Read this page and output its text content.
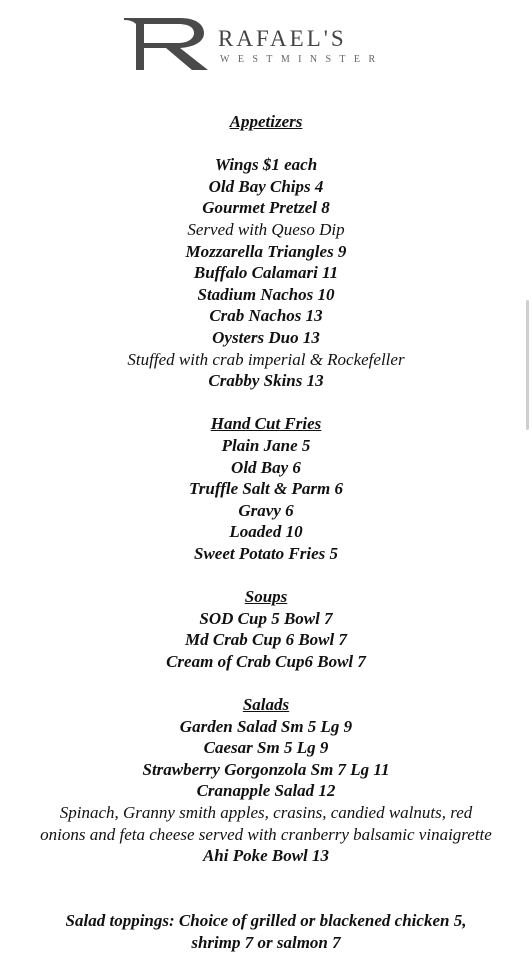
RAFAEL'S
WESTMINSTER
Appetizers
Wings $1 each
Old Bay Chips 4
Gourmet Pretzel 8
Served with Queso Dip
Mozzarella Triangles 9
Buffalo Calamari 11
Stadium Nachos 10
Crab Nachos 13
Oysters Duo 13
Stuffed with crab imperial & Rockefeller
Crabby Skins 13
Hand Cut Fries
Plain Jane 5
Old Bay 6
Truffle Salt & Parm 6
Gravy 6
Loaded 10
Sweet Potato Fries 5
Soups
SOD Cup 5 Bowl 7
Md Crab Cup 6 Bowl 7
Cream of Crab Cup6 Bowl 7
Salads
Garden Salad Sm 5 Lg 9
Caesar Sm 5 Lg 9
Strawberry Gorgonzola Sm 7 Lg 11
Cranapple Salad 12
Spinach, Granny smith apples, crasins, candied walnuts, red onions and feta cheese served with cranberry balsamic vinaigrette
Ahi Poke Bowl 13
Salad toppings: Choice of grilled or blackened chicken 5, shrimp 7 or salmon 7
